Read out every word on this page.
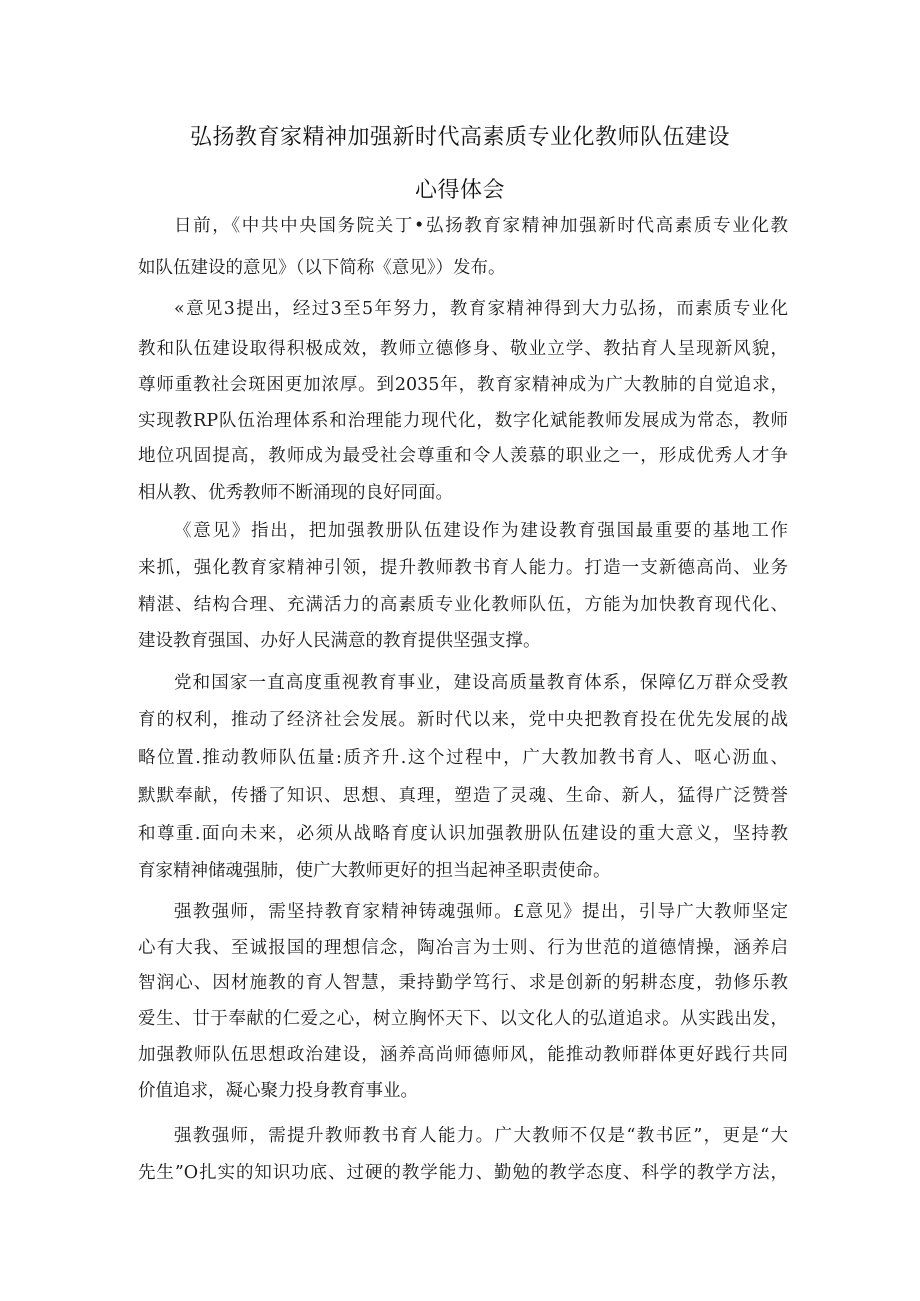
弘扬教育家精神加强新时代高素质专业化教师队伍建设
心得体会
日前，《中共中央国务院关丁•弘扬教育家精神加强新时代高素质专业化教
如队伍建设的意见》（以下简称《意见》）发布。
«意见3提出，经过3至5年努力，教育家精神得到大力弘扬，而素质专业化
教和队伍建设取得积极成效，教师立德修身、敬业立学、教拈育人呈现新风貌，
尊师重教社会斑困更加浓厚。到2035年，教育家精神成为广大教肺的自觉追求，
实现教RP队伍治理体系和治理能力现代化，数字化斌能教师发展成为常态，教师
地位巩固提高，教师成为最受社会尊重和令人羡慕的职业之一，形成优秀人才争
相从教、优秀教师不断涌现的良好同面。
《意见》指出，把加强教册队伍建设作为建设教育强国最重要的基地工作
来抓，强化教育家精神引领，提升教师教书育人能力。打造一支新德高尚、业务
精湛、结构合理、充满活力的高素质专业化教师队伍，方能为加快教育现代化、
建设教育强国、办好人民满意的教育提供坚强支撑。
党和国家一直高度重视教育事业，建设高质量教育体系，保障亿万群众受教
育的权利，推动了经济社会发展。新时代以来，党中央把教育投在优先发展的战
略位置.推动教师队伍量:质齐升.这个过程中，广大教加教书育人、呕心沥血、
默默奉献，传播了知识、思想、真理，塑造了灵魂、生命、新人，猛得广泛赞誉
和尊重.面向未来，必须从战略育度认识加强教册队伍建设的重大意义，坚持教
育家精神储魂强肺，使广大教师更好的担当起神圣职责使命。
强教强师，需坚持教育家精神铸魂强师。£意见》提出，引导广大教师坚定
心有大我、至诚报国的理想信念，陶冶言为士则、行为世范的道德情操，涵养启
智润心、因材施教的育人智慧，秉持勤学笃行、求是创新的躬耕态度，勃修乐教
爱生、廿于奉献的仁爱之心，树立胸怀天下、以文化人的弘道追求。从实践出发，
加强教师队伍思想政治建设，涵养高尚师德师风，能推动教师群体更好践行共同
价值追求，凝心聚力投身教育事业。
强教强师，需提升教师教书育人能力。广大教师不仅是“教书匠”，更是“大
先生”O扎实的知识功底、过硬的教学能力、勤勉的教学态度、科学的教学方法，
